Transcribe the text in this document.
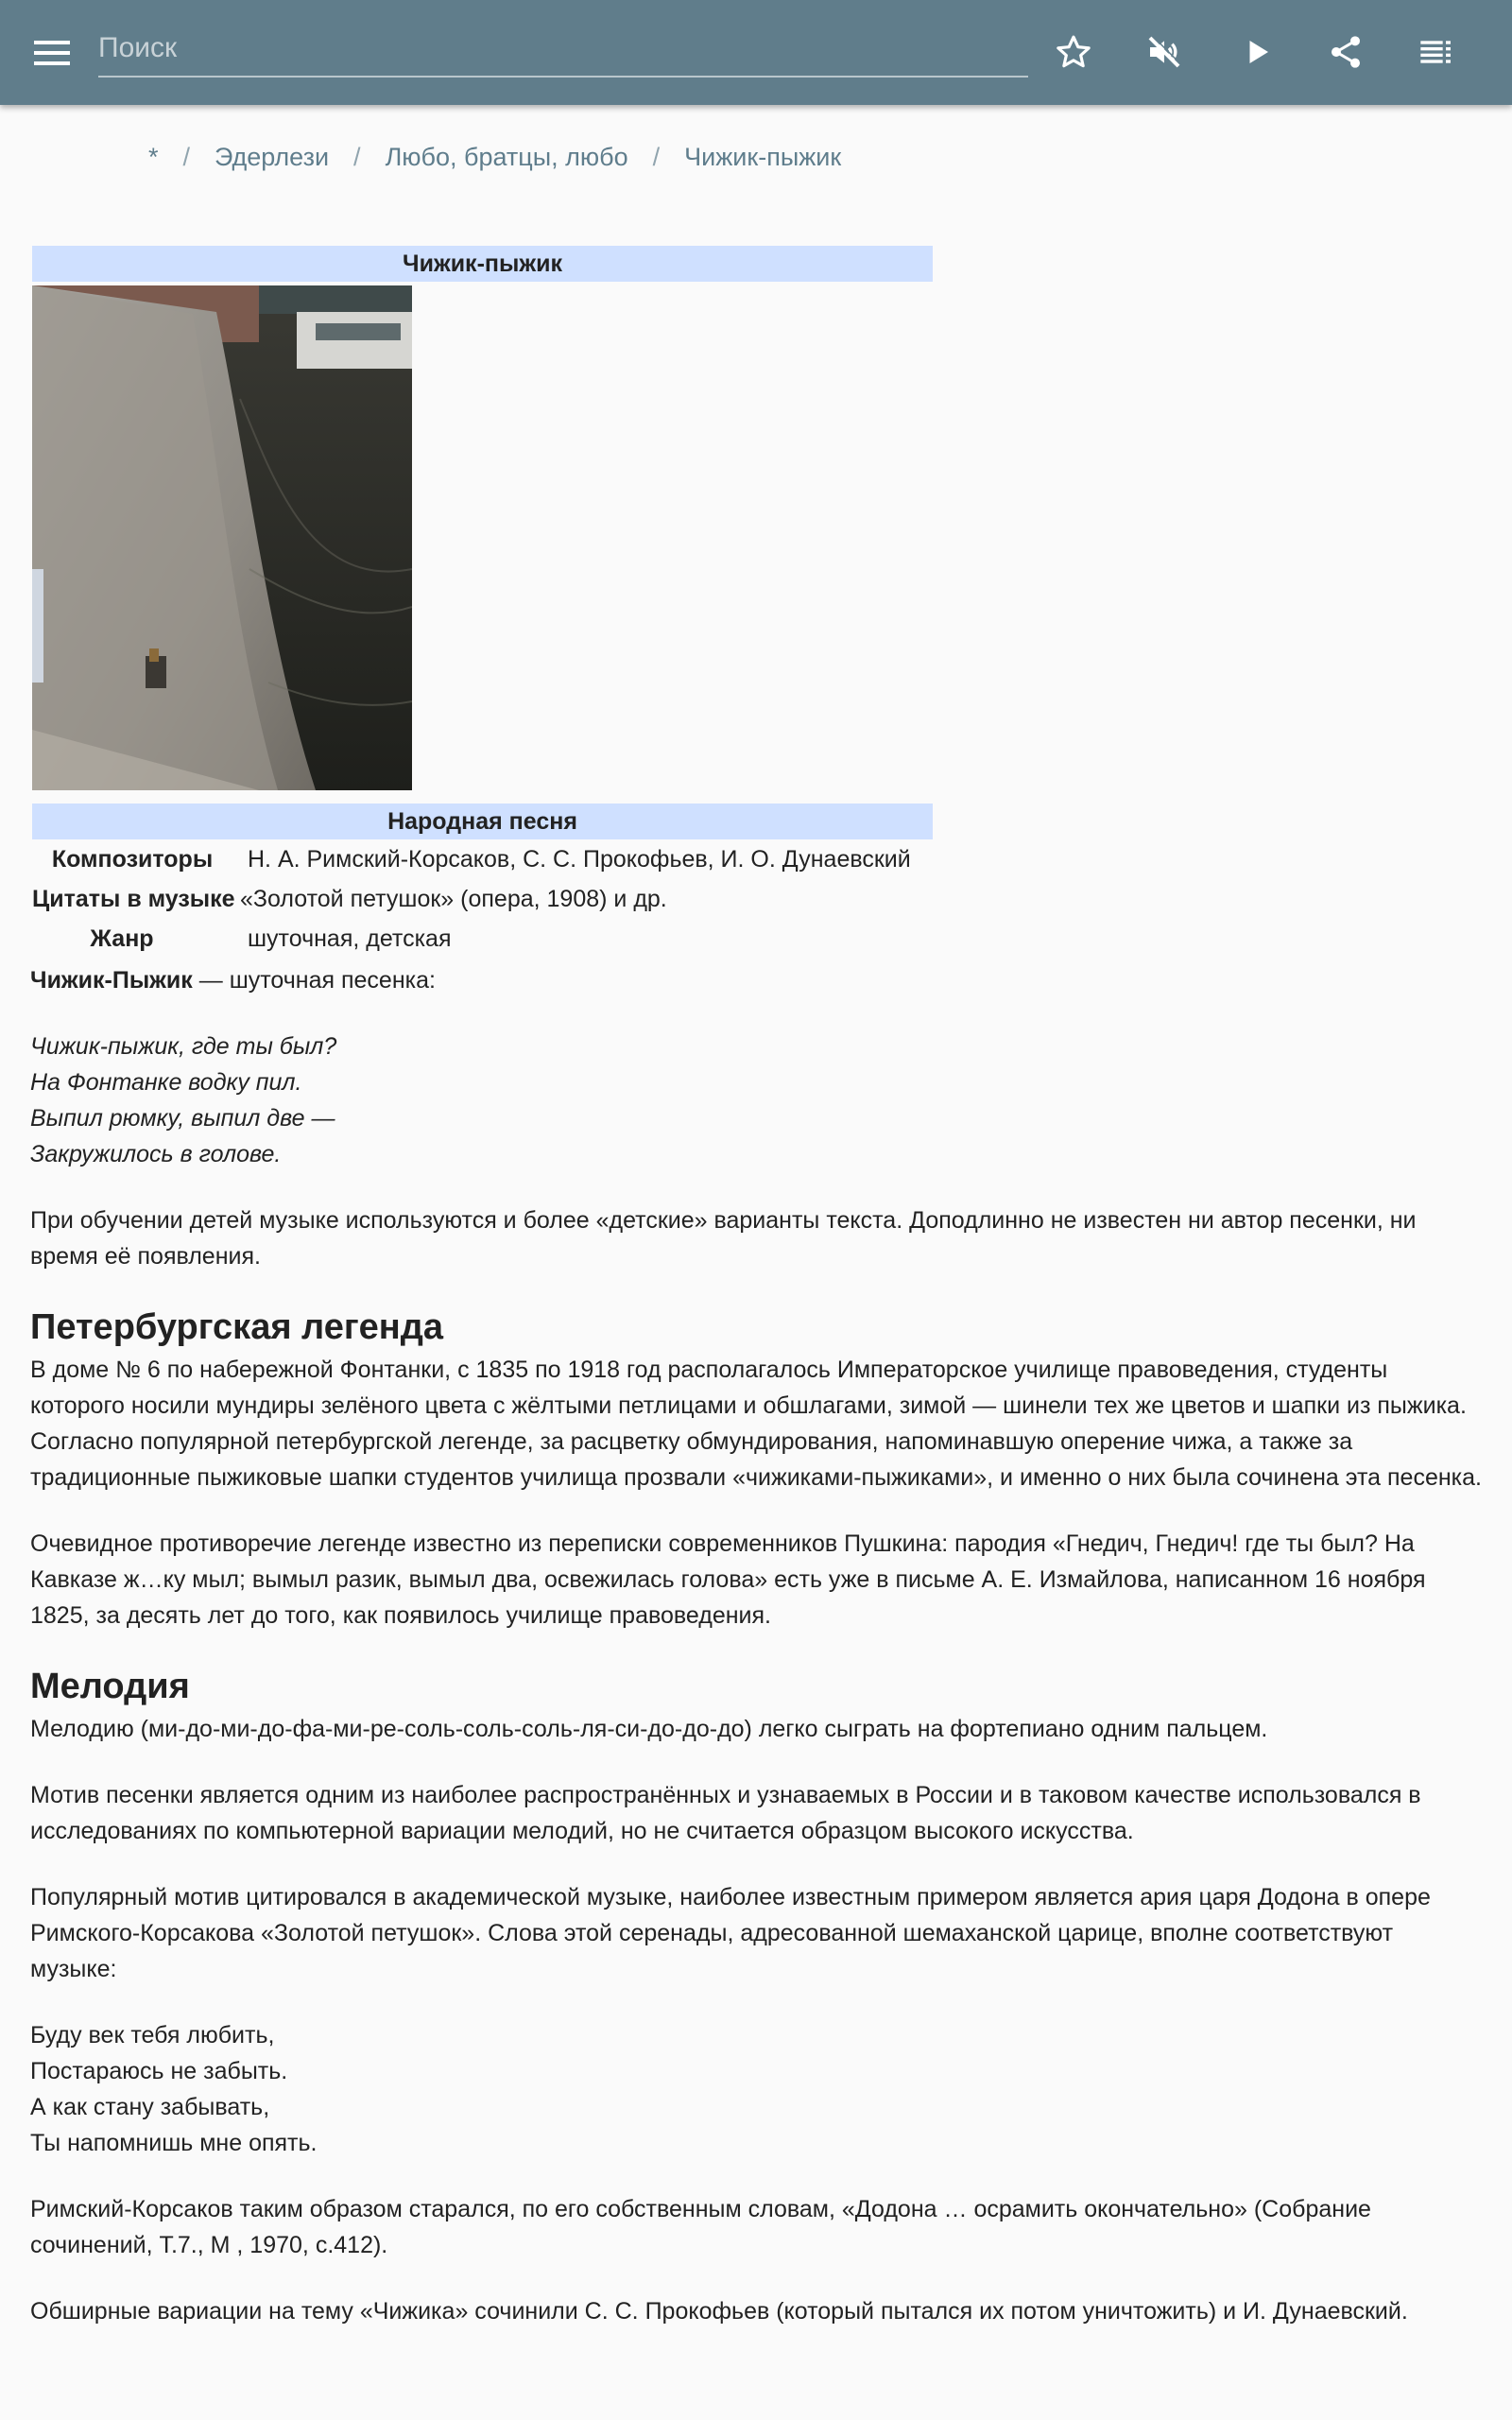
Поиск
* / Эдерлези / Любо, братцы, любо / Чижик-пыжик
Чижик-пыжик
Народная песня
Композиторы	Н. А. Римский-Корсаков, С. С. Прокофьев, И. О. Дунаевский
Цитаты в музыке «Золотой петушок» (опера, 1908) и др.
Жанр	шуточная, детская

Чижик-Пыжик — шуточная песенка:

Чижик-пыжик, где ты был?
На Фонтанке водку пил.
Выпил рюмку, выпил две —
Закружилось в голове.

При обучении детей музыке используются и более «детские» варианты текста. Доподлинно не известен ни автор песенки, ни время её появления.

Петербургская легенда

В доме № 6 по набережной Фонтанки, с 1835 по 1918 год располагалось Императорское училище правоведения, студенты которого носили мундиры зелёного цвета с жёлтыми петлицами и обшлагами, зимой — шинели тех же цветов и шапки из пыжика. Согласно популярной петербургской легенде, за расцветку обмундирования, напоминавшую оперение чижа, а также за традиционные пыжиковые шапки студентов училища прозвали «чижиками-пыжиками», и именно о них была сочинена эта песенка.

Очевидное противоречие легенде известно из переписки современников Пушкина: пародия «Гнедич, Гнедич! где ты был? На Кавказе ж…ку мыл; вымыл разик, вымыл два, освежилась голова» есть уже в письме А. Е. Измайлова, написанном 16 ноября 1825, за десять лет до того, как появилось училище правоведения.

Мелодия

Мелодию (ми-до-ми-до-фа-ми-ре-соль-соль-соль-ля-си-до-до-до) легко сыграть на фортепиано одним пальцем.

Мотив песенки является одним из наиболее распространённых и узнаваемых в России и в таковом качестве использовался в исследованиях по компьютерной вариации мелодий, но не считается образцом высокого искусства.

Популярный мотив цитировался в академической музыке, наиболее известным примером является ария царя Додона в опере Римского-Корсакова «Золотой петушок». Слова этой серенады, адресованной шемаханской царице, вполне соответствуют музыке:

Буду век тебя любить,
Постараюсь не забыть.
А как стану забывать,
Ты напомнишь мне опять.

Римский-Корсаков таким образом старался, по его собственным словам, «Додона … осрамить окончательно» (Собрание сочинений, Т.7., М , 1970, с.412).

Обширные вариации на тему «Чижика» сочинили С. С. Прокофьев (который пытался их потом уничтожить) и И. Дунаевский.
